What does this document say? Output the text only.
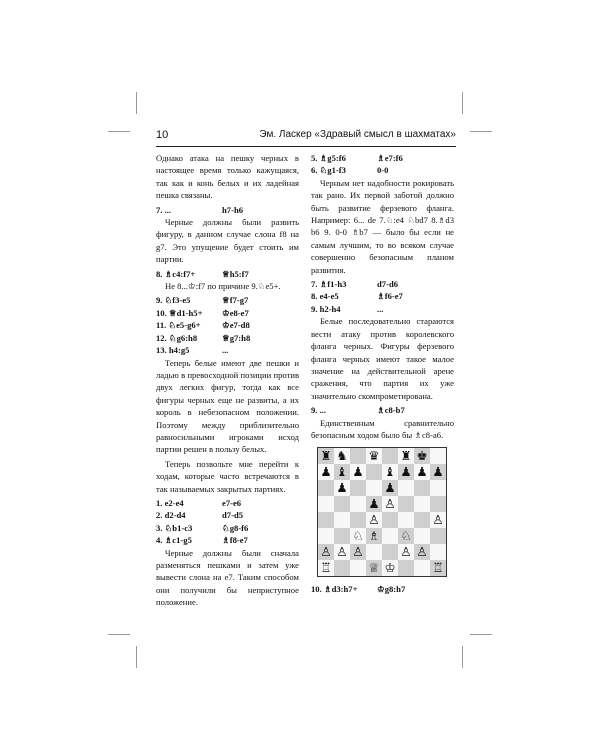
10	Эм. Ласкер «Здравый смысл в шахматах»

Однако атака на пешку черных в настоящее время только кажущаяся, так как и конь белых и их ладейная пешка связаны.

7. ...	h7-h6

Черные должны были развить фигуру, в данном случае слона f8 на g7. Это упущение будет стоить им партии.

8. ♗c4:f7+	♕h5:f7

Не 8...♔:f7 по причине 9.♘e5+.

9. ♘f3-e5	♕f7-g7
10. ♕d1-h5+	♔e8-e7
11. ♘e5-g6+	♔e7-d8
12. ♘g6:h8	♕g7:h8
13. h4:g5	...

Теперь белые имеют две пешки и ладью в превосходной позиции против двух легких фигур, тогда как все фигуры черных еще не развиты, а их король в небезопасном положении. Поэтому между приблизительно равносильными игроками исход партии решен в пользу белых.

Теперь позвольте мне перейти к ходам, которые часто встречаются в так называемых закрытых партиях.

1. e2-e4	e7-e6
2. d2-d4	d7-d5
3. ♘b1-c3	♘g8-f6
4. ♗c1-g5	♗f8-e7

Черные должны были сначала разменяться пешками и затем уже вывести слона на e7. Таким способом они получили бы неприступное положение.

5. ♗g5:f6	♗e7:f6
6. ♘g1-f3	0-0

Черным нет надобности рокировать так рано. Их первой заботой должно быть развитие ферзевого фланга. Например: 6... de 7.♘:e4 ♘bd7 8.♗d3 b6 9. 0-0 ♗b7 — было бы если не самым лучшим, то во всяком случае совершенно безопасным планом развития.

7. ♗f1-h3	d7-d6
8. e4-e5	♗f6-e7
9. h2-h4	...

Белые последовательно стараются вести атаку против королевского фланга черных. Фигуры ферзевого фланга черных имеют такое малое значение на действительной арене сражения, что партия их уже значительно скомпрометирована.

9. ...	♗c8-b7

Единственным сравнительно безопасным ходом было бы ♗c8-a6.

♜ ♞ ♛ ♜ ♚
♟ ♝ ♟ ♝ ♟ ♟ ♟
♟	♟
♟
♙
♙
♙
♘ ♗ ♘
♙ ♙ ♙	♙ ♙
♖	♕ ♔	♖
10. ♗d3:h7+	♔g8:h7
